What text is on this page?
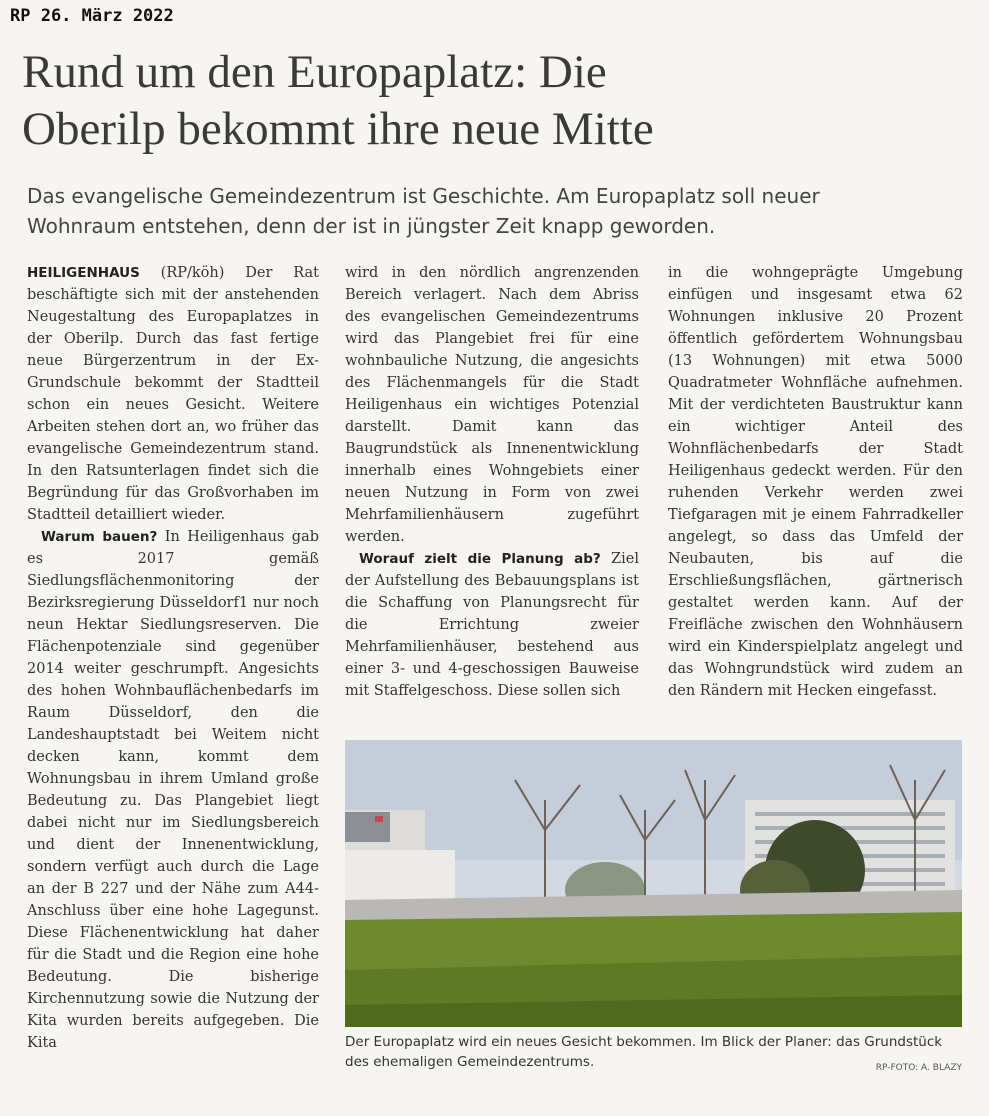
RP 26. März 2022
Rund um den Europaplatz: Die
Oberilp bekommt ihre neue Mitte

Das evangelische Gemeindezentrum ist Geschichte. Am Europaplatz soll neuer
Wohnraum entstehen, denn der ist in jüngster Zeit knapp geworden.

HEILIGENHAUS (RP/köh) Der Rat beschäftigte sich mit der anstehenden Neugestaltung des Europaplatzes in der Oberilp. Durch das fast fertige neue Bürgerzentrum in der Ex-Grundschule bekommt der Stadtteil schon ein neues Gesicht. Weitere Arbeiten stehen dort an, wo früher das evangelische Gemeindezentrum stand. In den Ratsunterlagen findet sich die Begründung für das Großvorhaben im Stadtteil detailliert wieder.

Warum bauen? In Heiligenhaus gab es 2017 gemäß Siedlungsflächenmonitoring der Bezirksregierung Düsseldorf1 nur noch neun Hektar Siedlungsreserven. Die Flächenpotenziale sind gegenüber 2014 weiter geschrumpft. Angesichts des hohen Wohnbauflächenbedarfs im Raum Düsseldorf, den die Landeshauptstadt bei Weitem nicht decken kann, kommt dem Wohnungsbau in ihrem Umland große Bedeutung zu. Das Plangebiet liegt dabei nicht nur im Siedlungsbereich und dient der Innenentwicklung, sondern verfügt auch durch die Lage an der B 227 und der Nähe zum A44-Anschluss über eine hohe Lagegunst. Diese Flächenentwicklung hat daher für die Stadt und die Region eine hohe Bedeutung. Die bisherige Kirchennutzung sowie die Nutzung der Kita wurden bereits aufgegeben. Die Kita

wird in den nördlich angrenzenden Bereich verlagert. Nach dem Abriss des evangelischen Gemeindezentrums wird das Plangebiet frei für eine wohnbauliche Nutzung, die angesichts des Flächenmangels für die Stadt Heiligenhaus ein wichtiges Potenzial darstellt. Damit kann das Baugrundstück als Innenentwicklung innerhalb eines Wohngebiets einer neuen Nutzung in Form von zwei Mehrfamilienhäusern zugeführt werden.

Worauf zielt die Planung ab? Ziel der Aufstellung des Bebauungsplans ist die Schaffung von Planungsrecht für die Errichtung zweier Mehrfamilienhäuser, bestehend aus einer 3- und 4-geschossigen Bauweise mit Staffelgeschoss. Diese sollen sich

in die wohngeprägte Umgebung einfügen und insgesamt etwa 62 Wohnungen inklusive 20 Prozent öffentlich gefördertem Wohnungsbau (13 Wohnungen) mit etwa 5000 Quadratmeter Wohnfläche aufnehmen. Mit der verdichteten Baustruktur kann ein wichtiger Anteil des Wohnflächenbedarfs der Stadt Heiligenhaus gedeckt werden. Für den ruhenden Verkehr werden zwei Tiefgaragen mit je einem Fahrradkeller angelegt, so dass das Umfeld der Neubauten, bis auf die Erschließungsflächen, gärtnerisch gestaltet werden kann. Auf der Freifläche zwischen den Wohnhäusern wird ein Kinderspielplatz angelegt und das Wohngrundstück wird zudem an den Rändern mit Hecken eingefasst.

Der Europaplatz wird ein neues Gesicht bekommen. Im Blick der Planer: das Grundstück des ehemaligen Gemeindezentrums.	RP-FOTO: A. BLAZY
